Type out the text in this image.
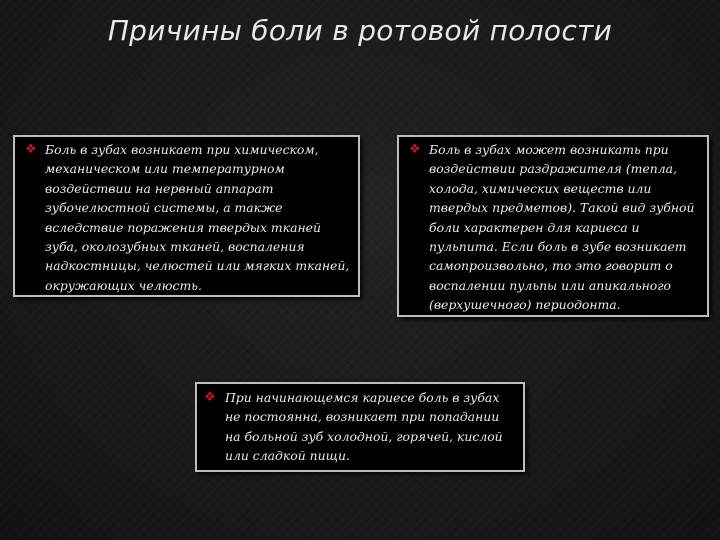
Причины боли в ротовой полости
❖ Боль в зубах возникает при химическом, механическом или температурном воздействии на нервный аппарат зубочелюстной системы, а также вследствие поражения твердых тканей зуба, околозубных тканей, воспаления надкостницы, челюстей или мягких тканей, окружающих челюсть.
❖ Боль в зубах может возникать при воздействии раздражителя (тепла, холода, химических веществ или твердых предметов). Такой вид зубной боли характерен для кариеса и пульпита. Если боль в зубе возникает самопроизвольно, то это говорит о воспалении пульпы или апикального (верхушечного) периодонта.
❖ При начинающемся кариесе боль в зубах не постоянна, возникает при попадании на больной зуб холодной, горячей, кислой или сладкой пищи.
